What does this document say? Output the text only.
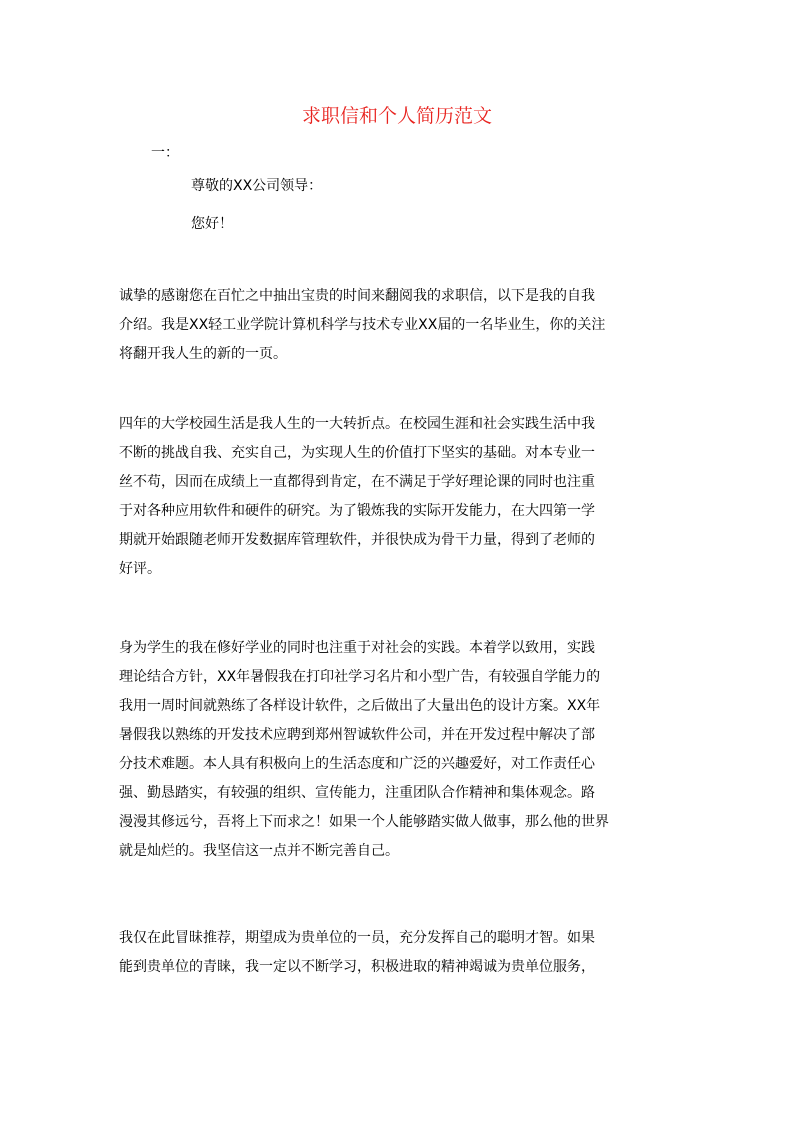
求职信和个人简历范文
一：
尊敬的XX公司领导：
您好！
诚挚的感谢您在百忙之中抽出宝贵的时间来翻阅我的求职信，以下是我的自我
介绍。我是XX轻工业学院计算机科学与技术专业XX届的一名毕业生，你的关注
将翻开我人生的新的一页。
四年的大学校园生活是我人生的一大转折点。在校园生涯和社会实践生活中我
不断的挑战自我、充实自己，为实现人生的价值打下坚实的基础。对本专业一
丝不苟，因而在成绩上一直都得到肯定，在不满足于学好理论课的同时也注重
于对各种应用软件和硬件的研究。为了锻炼我的实际开发能力，在大四第一学
期就开始跟随老师开发数据库管理软件，并很快成为骨干力量，得到了老师的
好评。
身为学生的我在修好学业的同时也注重于对社会的实践。本着学以致用，实践
理论结合方针，XX年暑假我在打印社学习名片和小型广告，有较强自学能力的
我用一周时间就熟练了各样设计软件，之后做出了大量出色的设计方案。XX年
暑假我以熟练的开发技术应聘到郑州智诚软件公司，并在开发过程中解决了部
分技术难题。本人具有积极向上的生活态度和广泛的兴趣爱好，对工作责任心
强、勤恳踏实，有较强的组织、宣传能力，注重团队合作精神和集体观念。路
漫漫其修远兮，吾将上下而求之！如果一个人能够踏实做人做事，那么他的世界
就是灿烂的。我坚信这一点并不断完善自己。
我仅在此冒昧推荐，期望成为贵单位的一员，充分发挥自己的聪明才智。如果
能到贵单位的青睐，我一定以不断学习，积极进取的精神竭诚为贵单位服务，
